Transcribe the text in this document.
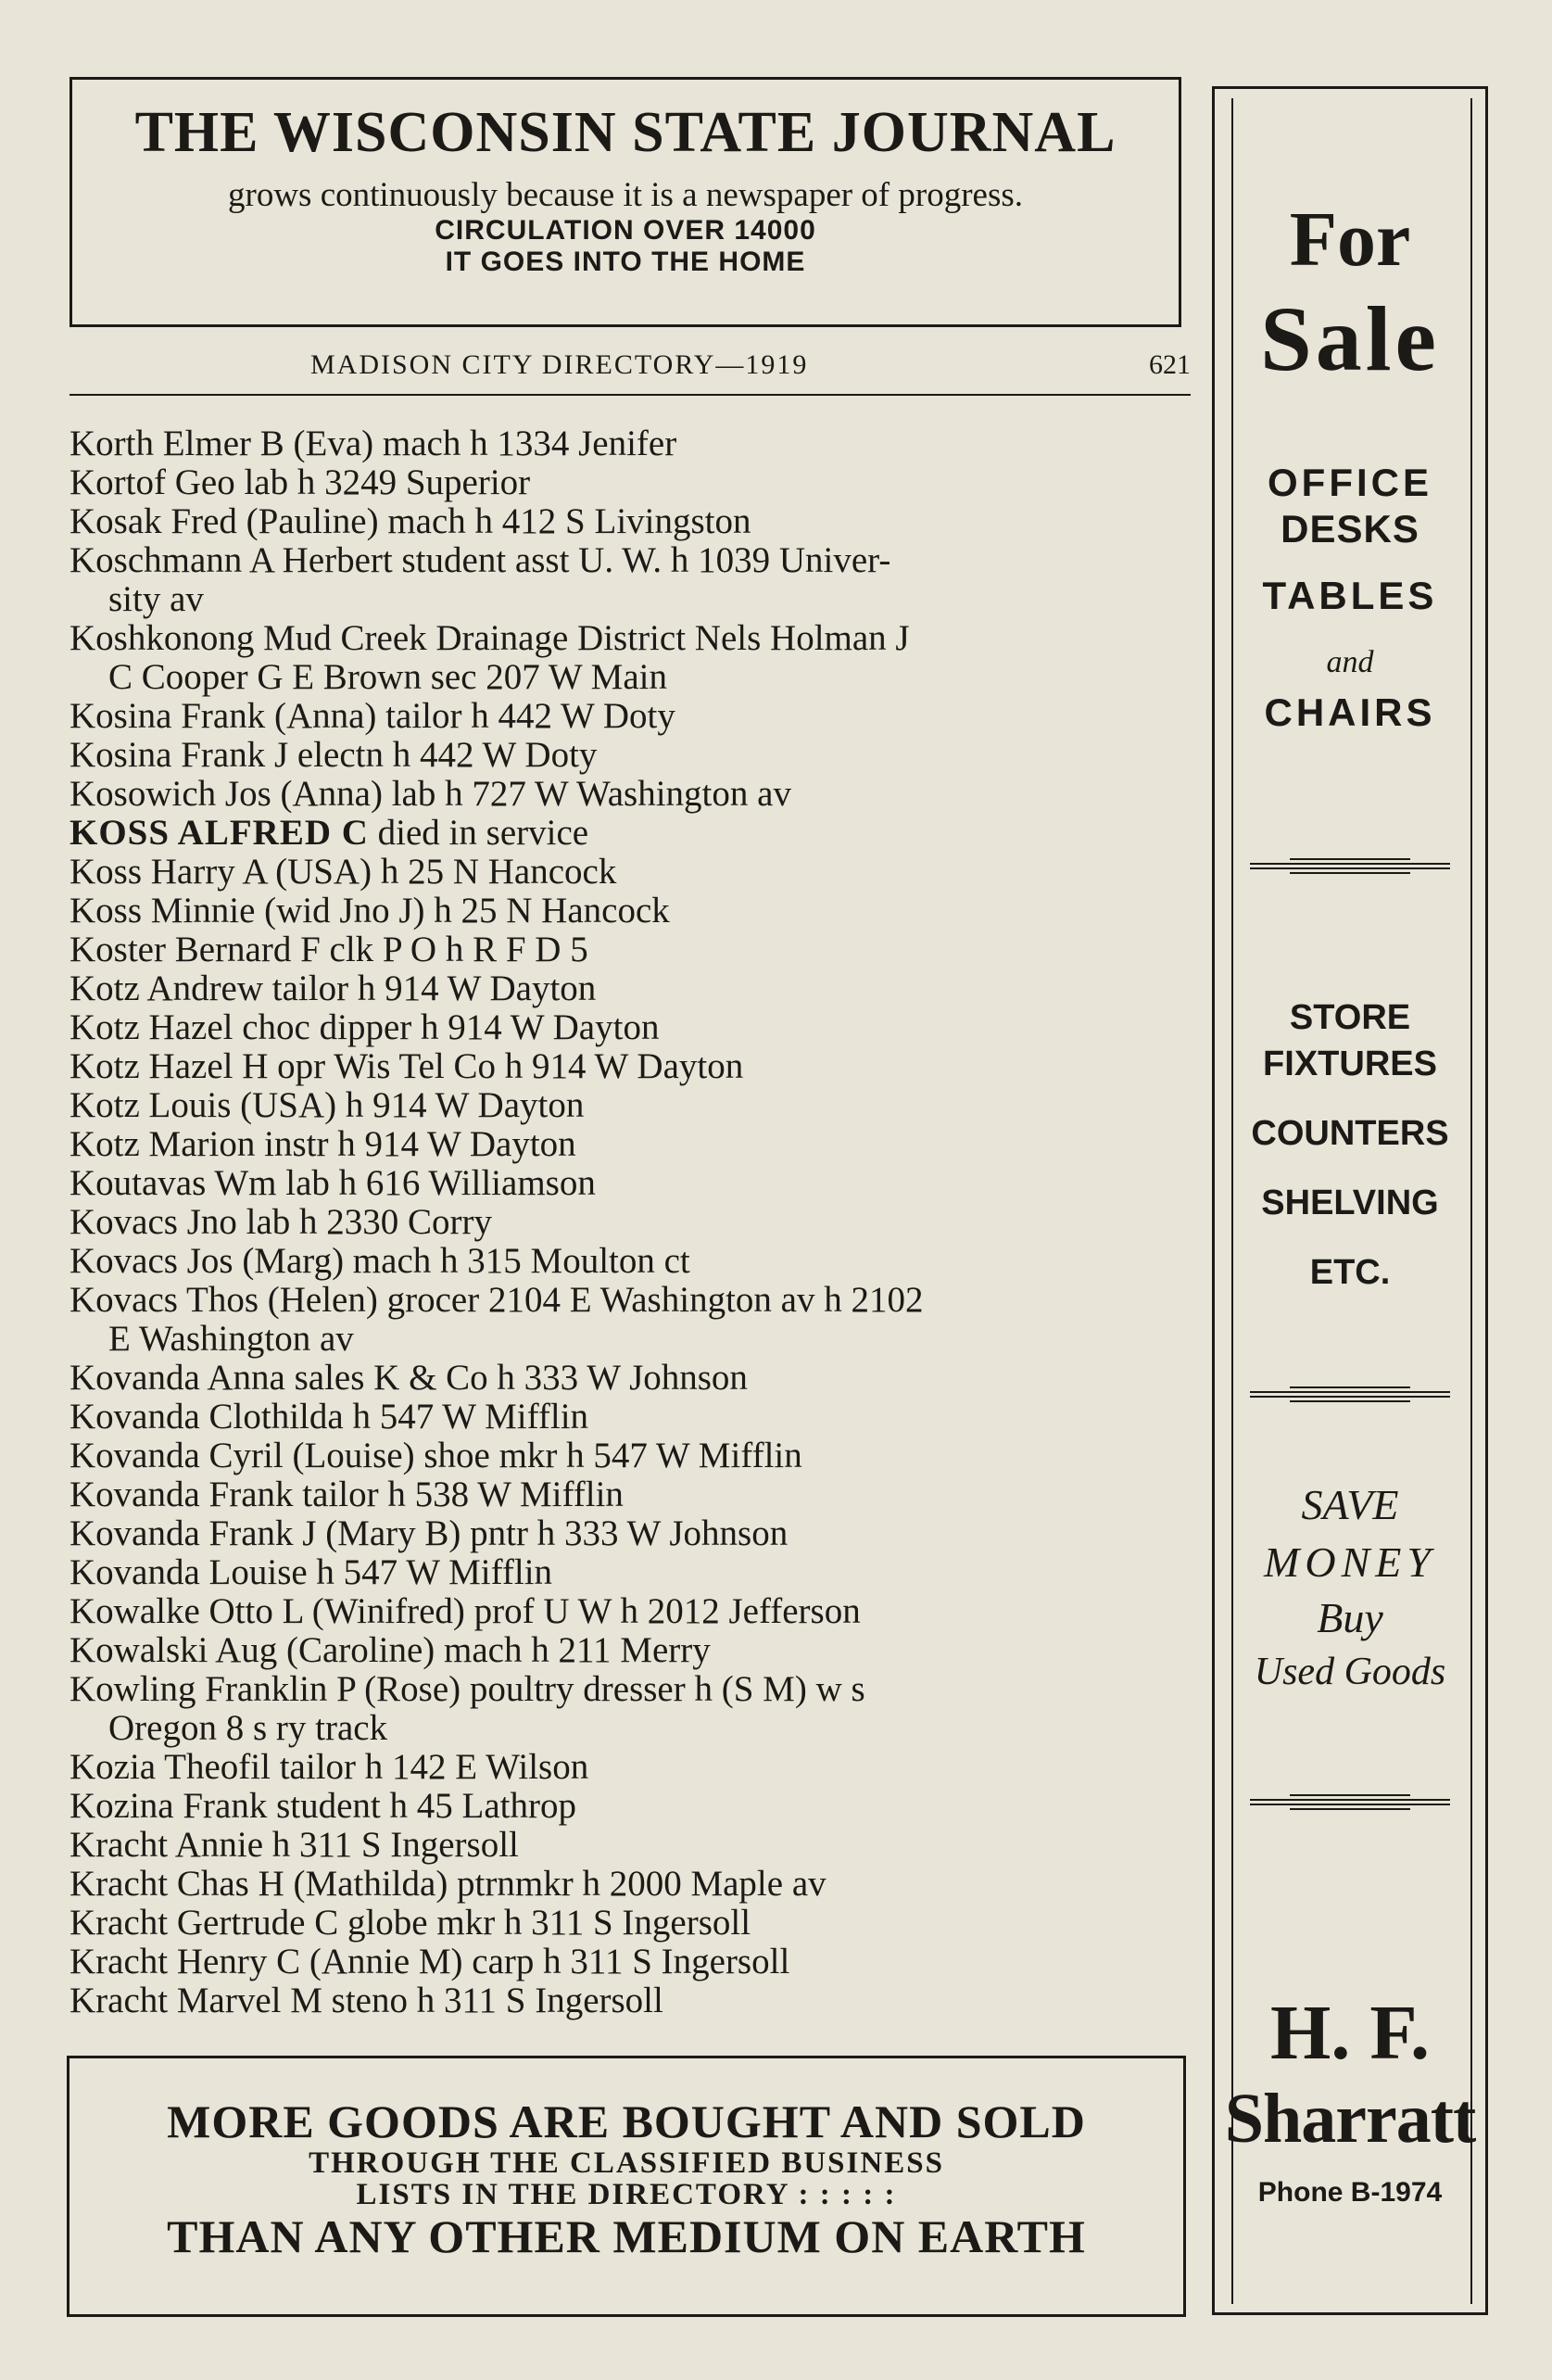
THE WISCONSIN STATE JOURNAL
grows continuously because it is a newspaper of progress.
CIRCULATION OVER 14000
IT GOES INTO THE HOME
MADISON CITY DIRECTORY—1919	621
Korth Elmer B (Eva) mach h 1334 Jenifer
Kortof Geo lab h 3249 Superior
Kosak Fred (Pauline) mach h 412 S Livingston
Koschmann A Herbert student asst U. W. h 1039 Univer-
sity av
Koshkonong Mud Creek Drainage District Nels Holman J
C Cooper G E Brown sec 207 W Main
Kosina Frank (Anna) tailor h 442 W Doty
Kosina Frank J electn h 442 W Doty
Kosowich Jos (Anna) lab h 727 W Washington av
KOSS ALFRED C died in service
Koss Harry A (USA) h 25 N Hancock
Koss Minnie (wid Jno J) h 25 N Hancock
Koster Bernard F clk P O h R F D 5
Kotz Andrew tailor h 914 W Dayton
Kotz Hazel choc dipper h 914 W Dayton
Kotz Hazel H opr Wis Tel Co h 914 W Dayton
Kotz Louis (USA) h 914 W Dayton
Kotz Marion instr h 914 W Dayton
Koutavas Wm lab h 616 Williamson
Kovacs Jno lab h 2330 Corry
Kovacs Jos (Marg) mach h 315 Moulton ct
Kovacs Thos (Helen) grocer 2104 E Washington av h 2102
E Washington av
Kovanda Anna sales K & Co h 333 W Johnson
Kovanda Clothilda h 547 W Mifflin
Kovanda Cyril (Louise) shoe mkr h 547 W Mifflin
Kovanda Frank tailor h 538 W Mifflin
Kovanda Frank J (Mary B) pntr h 333 W Johnson
Kovanda Louise h 547 W Mifflin
Kowalke Otto L (Winifred) prof U W h 2012 Jefferson
Kowalski Aug (Caroline) mach h 211 Merry
Kowling Franklin P (Rose) poultry dresser h (S M) w s
Oregon 8 s ry track
Kozia Theofil tailor h 142 E Wilson
Kozina Frank student h 45 Lathrop
Kracht Annie h 311 S Ingersoll
Kracht Chas H (Mathilda) ptrnmkr h 2000 Maple av
Kracht Gertrude C globe mkr h 311 S Ingersoll
Kracht Henry C (Annie M) carp h 311 S Ingersoll
Kracht Marvel M steno h 311 S Ingersoll
MORE GOODS ARE BOUGHT AND SOLD
THROUGH THE CLASSIFIED BUSINESS
LISTS IN THE DIRECTORY : : : : :
THAN ANY OTHER MEDIUM ON EARTH
For
Sale
OFFICE
DESKS
TABLES
and
CHAIRS
STORE
FIXTURES
COUNTERS
SHELVING
ETC.
SAVE
MONEY
Buy
Used Goods
H. F.
Sharratt
Phone B-1974
